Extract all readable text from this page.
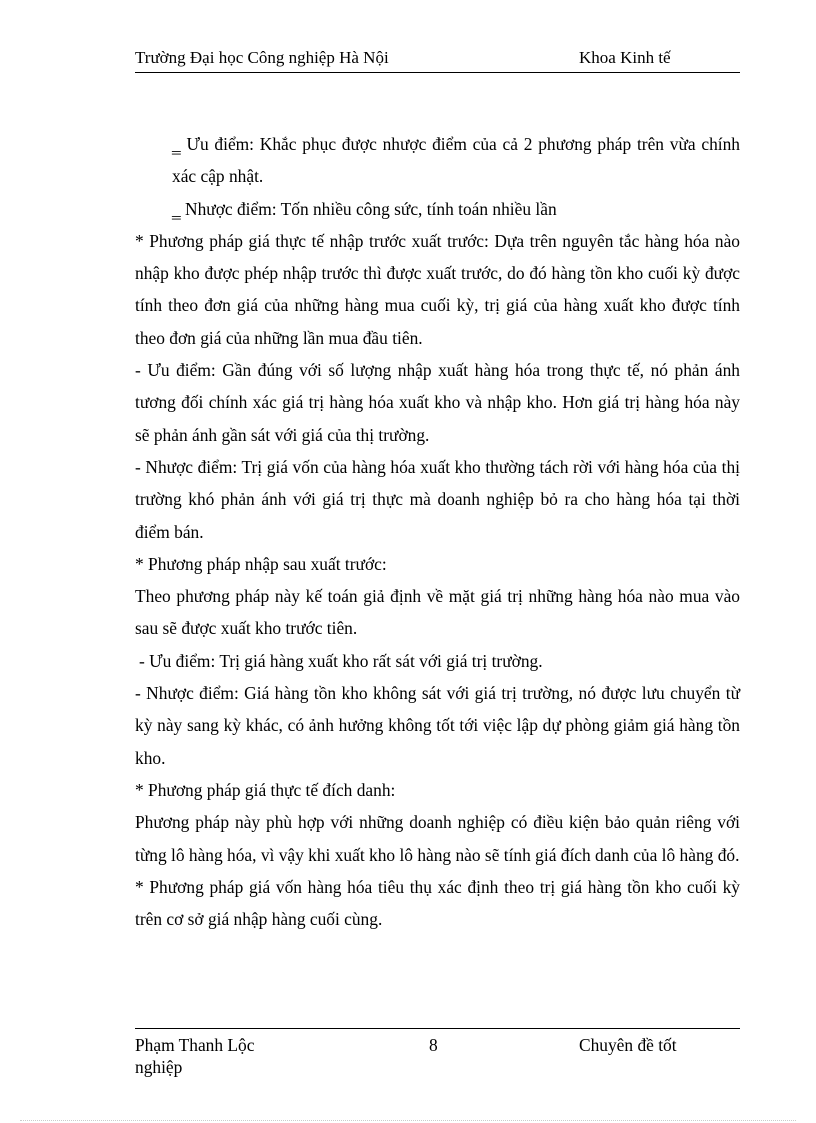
Trường Đại học Công nghiệp Hà Nội	Khoa Kinh tế

‗ Ưu điểm: Khắc phục được nhược điểm của cả 2 phương pháp trên vừa chính xác cập nhật.

‗ Nhược điểm: Tốn nhiều công sức, tính toán nhiều lần

* Phương pháp giá thực tế nhập trước xuất trước: Dựa trên nguyên tắc hàng hóa nào nhập kho được phép nhập trước thì được xuất trước, do đó hàng tồn kho cuối kỳ được tính theo đơn giá của những hàng mua cuối kỳ, trị giá của hàng xuất kho được tính theo đơn giá của những lần mua đầu tiên.

- Ưu điểm: Gần đúng với số lượng nhập xuất hàng hóa trong thực tế, nó phản ánh tương đối chính xác giá trị hàng hóa xuất kho và nhập kho. Hơn giá trị hàng hóa này sẽ phản ánh gần sát với giá của thị trường.

- Nhược điểm: Trị giá vốn của hàng hóa xuất kho thường tách rời với hàng hóa của thị trường khó phản ánh với giá trị thực mà doanh nghiệp bỏ ra cho hàng hóa tại thời điểm bán.

* Phương pháp nhập sau xuất trước:

Theo phương pháp này kế toán giả định về mặt giá trị những hàng hóa nào mua vào sau sẽ được xuất kho trước tiên.

- Ưu điểm: Trị giá hàng xuất kho rất sát với giá trị trường.

- Nhược điểm: Giá hàng tồn kho không sát với giá trị trường, nó được lưu chuyển từ kỳ này sang kỳ khác, có ảnh hưởng không tốt tới việc lập dự phòng giảm giá hàng tồn kho.

* Phương pháp giá thực tế đích danh:

Phương pháp này phù hợp với những doanh nghiệp có điều kiện bảo quản riêng với từng lô hàng hóa, vì vậy khi xuất kho lô hàng nào sẽ tính giá đích danh của lô hàng đó.

* Phương pháp giá vốn hàng hóa tiêu thụ xác định theo trị giá hàng tồn kho cuối kỳ trên cơ sở giá nhập hàng cuối cùng.

Phạm Thanh Lộc
nghiệp
8	Chuyên đề tốt
